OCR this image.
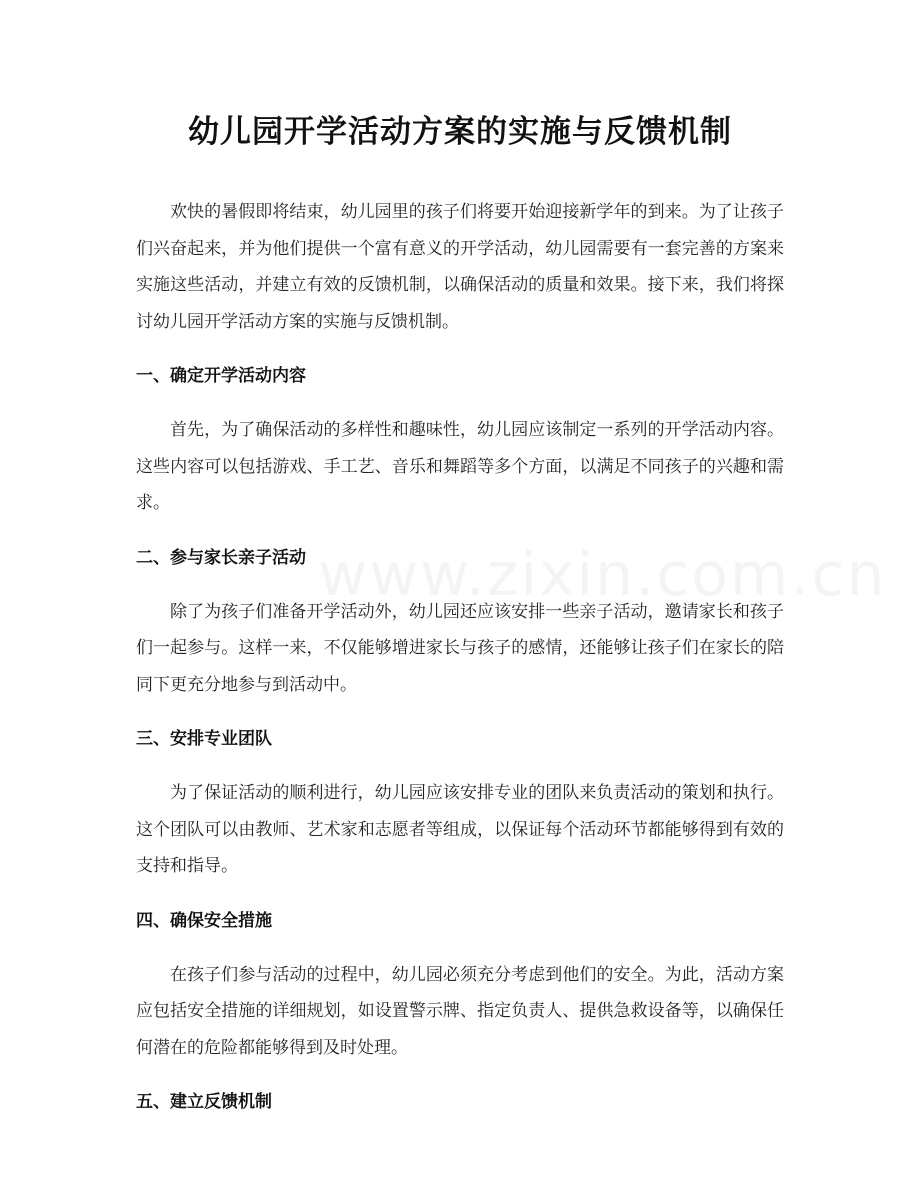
幼儿园开学活动方案的实施与反馈机制

欢快的暑假即将结束，幼儿园里的孩子们将要开始迎接新学年的到来。为了让孩子们兴奋起来，并为他们提供一个富有意义的开学活动，幼儿园需要有一套完善的方案来实施这些活动，并建立有效的反馈机制，以确保活动的质量和效果。接下来，我们将探讨幼儿园开学活动方案的实施与反馈机制。

一、确定开学活动内容

首先，为了确保活动的多样性和趣味性，幼儿园应该制定一系列的开学活动内容。这些内容可以包括游戏、手工艺、音乐和舞蹈等多个方面，以满足不同孩子的兴趣和需求。

二、参与家长亲子活动

除了为孩子们准备开学活动外，幼儿园还应该安排一些亲子活动，邀请家长和孩子们一起参与。这样一来，不仅能够增进家长与孩子的感情，还能够让孩子们在家长的陪同下更充分地参与到活动中。

三、安排专业团队

为了保证活动的顺利进行，幼儿园应该安排专业的团队来负责活动的策划和执行。这个团队可以由教师、艺术家和志愿者等组成，以保证每个活动环节都能够得到有效的支持和指导。

四、确保安全措施

在孩子们参与活动的过程中，幼儿园必须充分考虑到他们的安全。为此，活动方案应包括安全措施的详细规划，如设置警示牌、指定负责人、提供急救设备等，以确保任何潜在的危险都能够得到及时处理。

五、建立反馈机制
